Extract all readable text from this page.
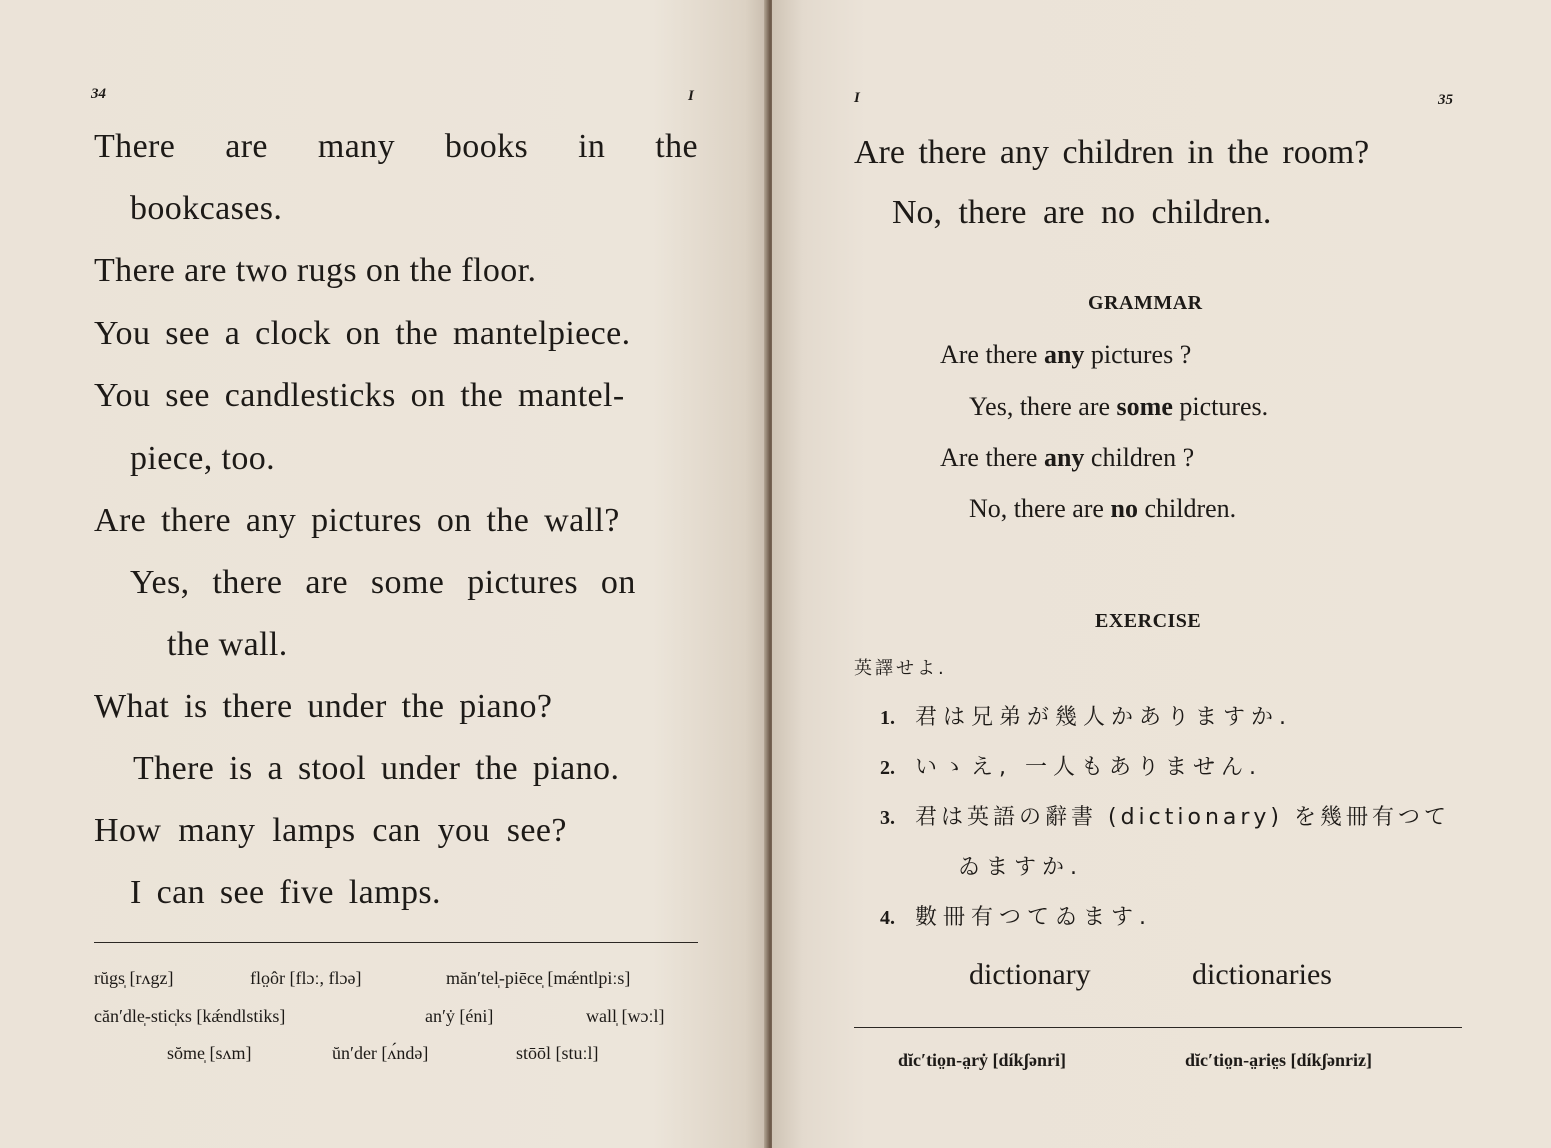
34	I
There are many books in the
bookcases.
There are two rugs on the floor.
You see a clock on the mantelpiece.
You see candlesticks on the mantel-
piece, too.
Are there any pictures on the wall?
Yes, there are some pictures on
the wall.
What is there under the piano?
There is a stool under the piano.
How many lamps can you see?
I can see five lamps.
rŭgs̩ [rʌgz]	flo̤ôr [flɔː, flɔə]	măn′tel̩-piēce̩ [mǽntlpiːs]
căn′dle̩-stic̩ks [kǽndlstiks]	an′ẏ [éni]	wall̩ [wɔːl]
sŏme̩ [sʌm]	ŭn′der [ʌ́ndə]	stōōl [stuːl]
I	35
Are there any children in the room?
No, there are no children.
GRAMMAR
Are there any pictures ?
Yes, there are some pictures.
Are there any children ?
No, there are no children.
EXERCISE
英譯せよ.
1. 君は兄弟が幾人かありますか.
2. いゝえ, 一人もありません.
3. 君は英語の辭書 (dictionary) を幾冊有つて
ゐますか.
4. 數冊有つてゐます.
dictionary	dictionaries
dĭc′tio̤n-a̤rẏ [díkʃənri]	dĭc′tio̤n-a̤rie̤s [díkʃənriz]
